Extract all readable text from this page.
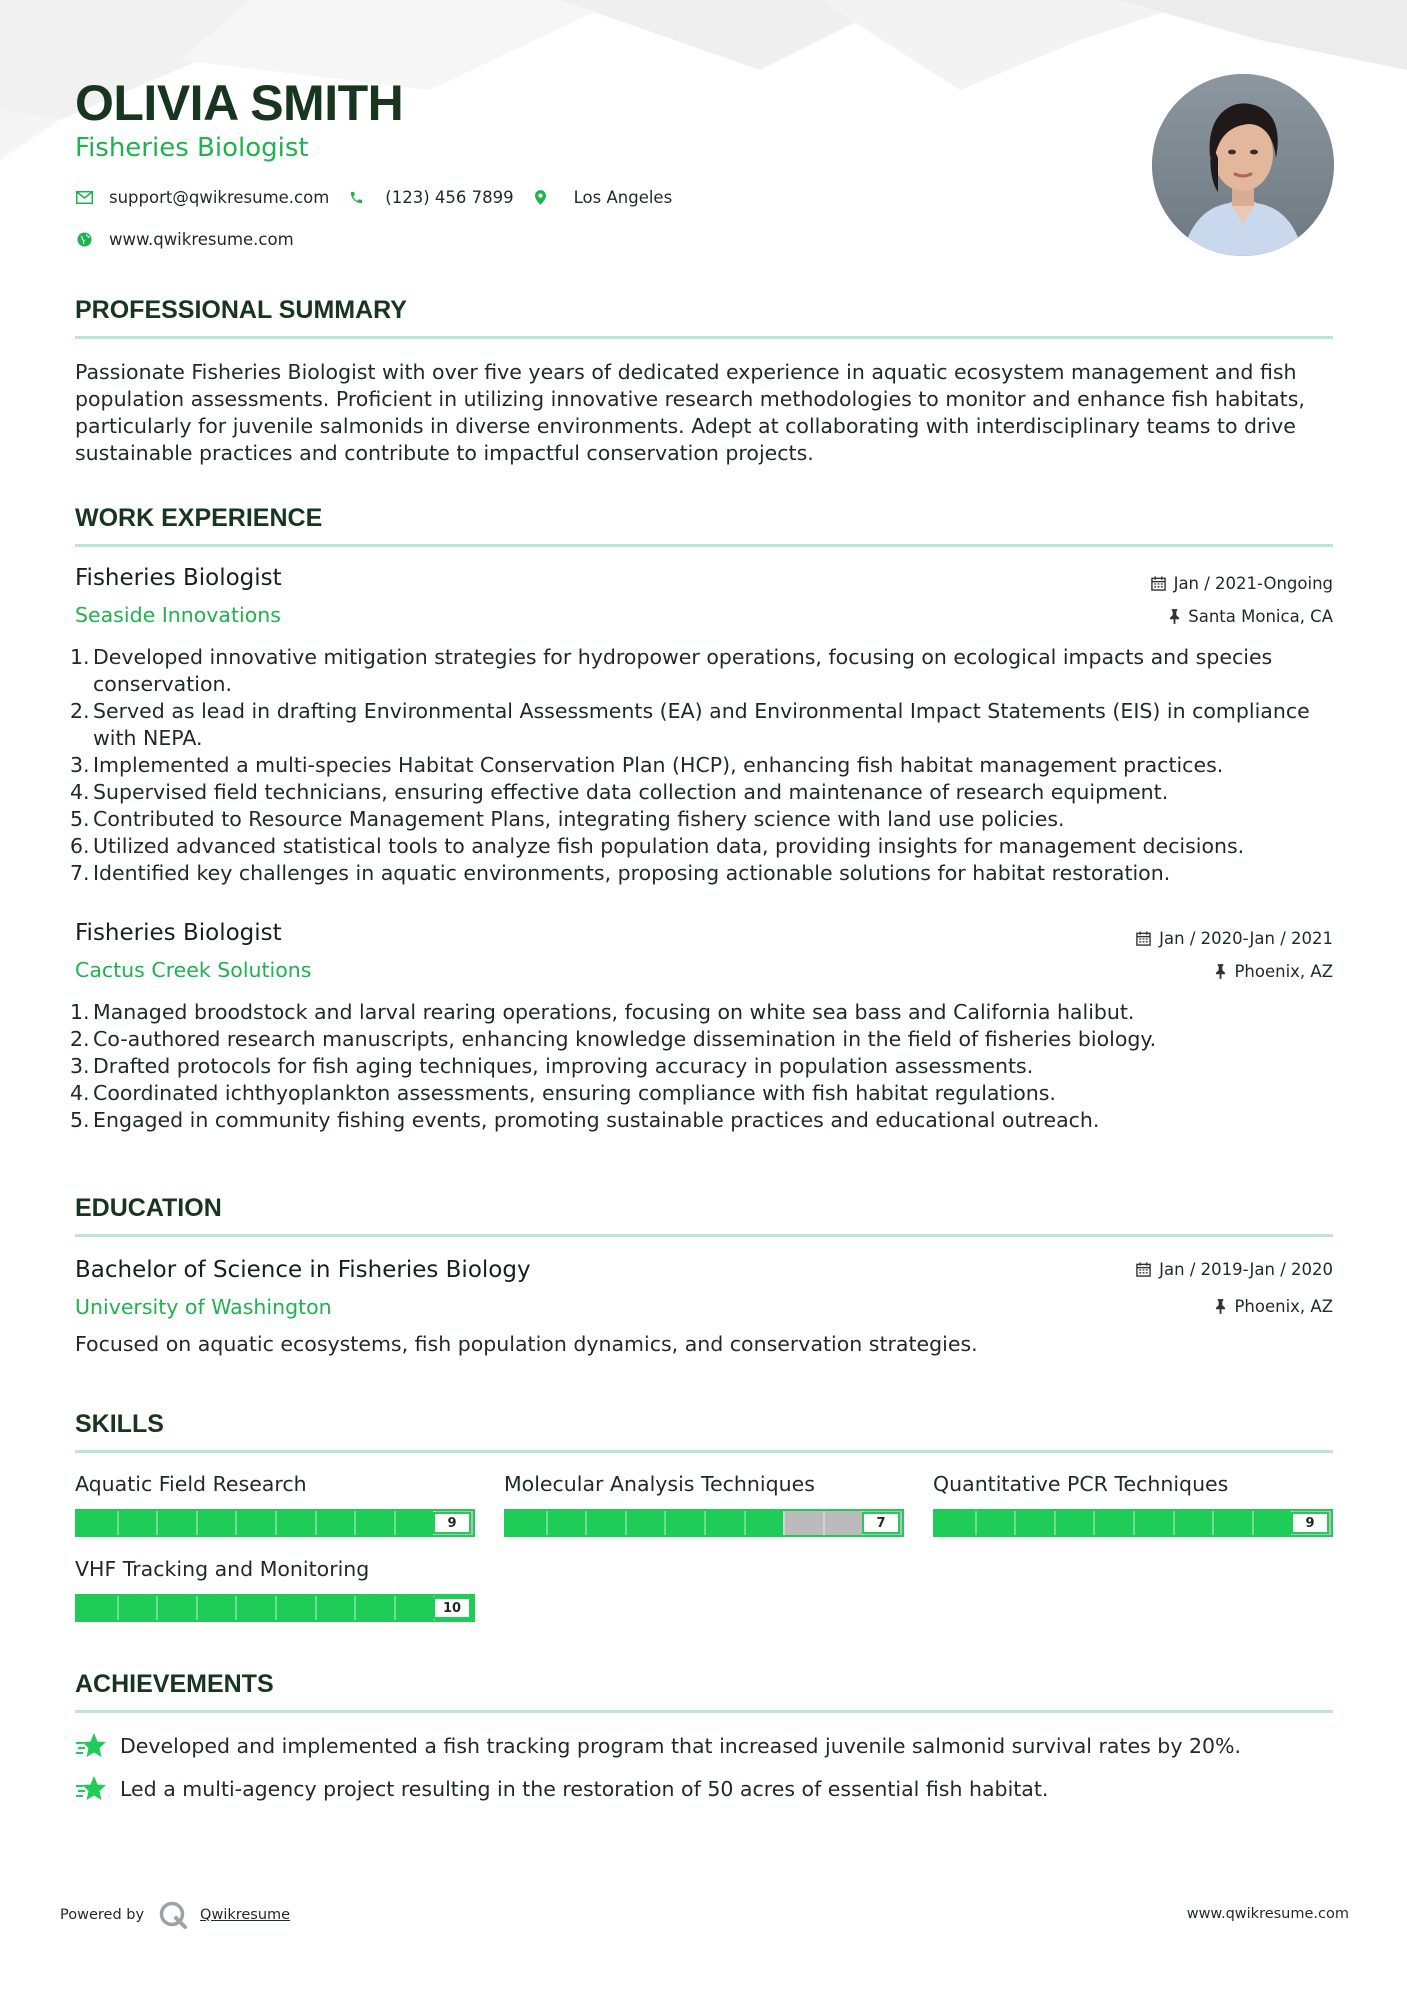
OLIVIA SMITH
Fisheries Biologist
support@qwikresume.com	(123) 456 7899	Los Angeles
www.qwikresume.com
PROFESSIONAL SUMMARY
Passionate Fisheries Biologist with over five years of dedicated experience in aquatic ecosystem management and fish population assessments. Proficient in utilizing innovative research methodologies to monitor and enhance fish habitats, particularly for juvenile salmonids in diverse environments. Adept at collaborating with interdisciplinary teams to drive sustainable practices and contribute to impactful conservation projects.
WORK EXPERIENCE
Fisheries Biologist
Seaside Innovations
Jan / 2021-Ongoing
Santa Monica, CA
Developed innovative mitigation strategies for hydropower operations, focusing on ecological impacts and species conservation.
Served as lead in drafting Environmental Assessments (EA) and Environmental Impact Statements (EIS) in compliance with NEPA.
Implemented a multi-species Habitat Conservation Plan (HCP), enhancing fish habitat management practices.
Supervised field technicians, ensuring effective data collection and maintenance of research equipment.
Contributed to Resource Management Plans, integrating fishery science with land use policies.
Utilized advanced statistical tools to analyze fish population data, providing insights for management decisions.
Identified key challenges in aquatic environments, proposing actionable solutions for habitat restoration.
Fisheries Biologist
Cactus Creek Solutions
Jan / 2020-Jan / 2021
Phoenix, AZ
Managed broodstock and larval rearing operations, focusing on white sea bass and California halibut.
Co-authored research manuscripts, enhancing knowledge dissemination in the field of fisheries biology.
Drafted protocols for fish aging techniques, improving accuracy in population assessments.
Coordinated ichthyoplankton assessments, ensuring compliance with fish habitat regulations.
Engaged in community fishing events, promoting sustainable practices and educational outreach.
EDUCATION
Bachelor of Science in Fisheries Biology
University of Washington
Jan / 2019-Jan / 2020
Phoenix, AZ
Focused on aquatic ecosystems, fish population dynamics, and conservation strategies.
SKILLS
Aquatic Field Research
9
Molecular Analysis Techniques
7
Quantitative PCR Techniques
9
VHF Tracking and Monitoring
10
ACHIEVEMENTS
Developed and implemented a fish tracking program that increased juvenile salmonid survival rates by 20%.
Led a multi-agency project resulting in the restoration of 50 acres of essential fish habitat.
Powered by	Qwikresume	www.qwikresume.com
